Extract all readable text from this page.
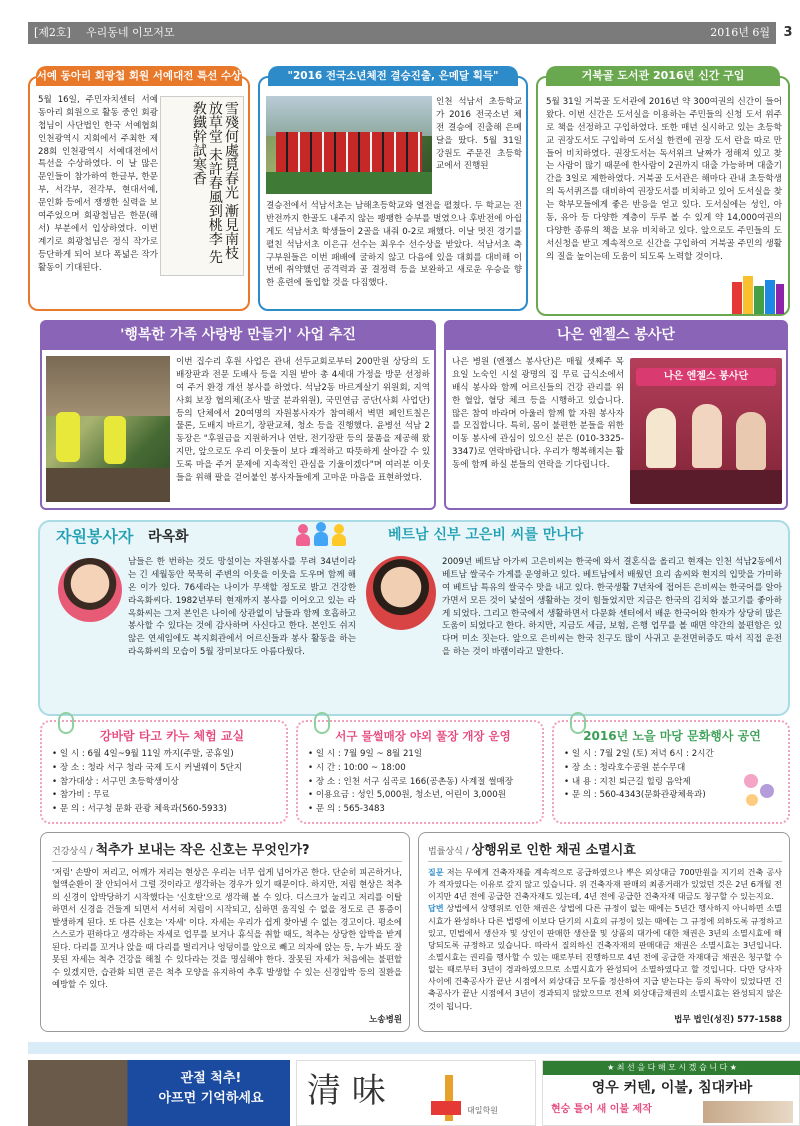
[제2호] 우리동네 이모저모	2016년 6월	3
서예 동아리 회광첩 회원 서예대전 특선 수상
5월 16일, 주민자치센터 서예 동아리 회원으로 활동 중인 회광첩님이 사단법인 한국 서예협회 인천광역시 지회에서 주최한 제28회 인천광역시 서예대전에서 특선을 수상하였다. 이 날 많은 문인들이 참가하여 한글부, 한문부, 서각부, 전각부, 현대서예, 문인화 등에서 쟁쟁한 실력을 보여주었으며 회광첩님은 한문(해서) 부분에서 입상하였다. 이번 계기로 회광첩님은 정식 작가로 등단하게 되어 보다 폭넓은 작가 활동이 기대된다.
雪殘何處覓春光 漸見南枝放草堂 未許春風到桃李 先敎鐵幹試寒香
"2016 전국소년체전 결승진출, 은메달 획득"
인천 석남서 초등학교가 2016 전국소년 체전 결승에 진출해 은메달을 땄다. 5월 31일 강원도 주문진 초등학교에서 진행된
결승전에서 석남서초는 남해초등학교와 열전을 펼쳤다. 두 학교는 전반전까지 한골도 내주지 않는 팽팽한 승부를 벌였으나 후반전에 아쉽게도 석남서초 학생들이 2골을 내줘 0-2로 패했다. 이날 멋진 경기를 펼친 석남서초 이은규 선수는 최우수 선수상을 받았다. 석남서초 축구부원들은 이번 패배에 굴하지 않고 다음에 있을 대회를 대비해 이번에 취약했던 공격력과 골 결정력 등을 보완하고 새로운 우승을 향한 훈련에 돌입할 것을 다짐했다.
거북골 도서관 2016년 신간 구입
5월 31일 거북골 도서관에 2016년 약 300여권의 신간이 들어왔다. 이번 신간은 도서실을 이용하는 주민들의 신청 도서 위주로 책을 선정하고 구입하였다. 또한 매년 실시하고 있는 초등학교 권장도서도 구입하여 도서실 한켠에 권장 도서 란을 따로 만들어 비치하였다. 권장도서는 독서위크 날짜가 정해져 있고 찾는 사람이 많기 때문에 한사람이 2권까지 대출 가능하며 대출기간을 3일로 제한하였다. 거북골 도서관은 해마다 관내 초등학생의 독서퀴즈를 대비하여 권장도서를 비치하고 있어 도서실을 찾는 학부모들에게 좋은 반응을 얻고 있다. 도서실에는 성인, 아동, 유아 등 다양한 계층이 두루 볼 수 있게 약 14,000여권의 다양한 종류의 책을 보유 비치하고 있다. 앞으로도 주민들의 도서신청을 받고 계속적으로 신간을 구입하여 거북골 주민의 생활의 질을 높이는데 도움이 되도록 노력할 것이다.
'행복한 가족 사랑방 만들기' 사업 추진
이번 집수리 후원 사업은 관내 선두교회로부터 200만원 상당의 도배장판과 전문 도배사 등을 지원 받아 총 4세대 가정을 방문 선정하여 주거 환경 개선 봉사를 하였다. 석남2동 바르게살기 위원회, 지역 사회 보장 협의체(조사 발굴 분과위원), 국민연금 공단(사회 사업단) 등의 단체에서 20여명의 자원봉사자가 참여해서 벽면 페인트칠은 물론, 도배지 바르기, 장판교체, 청소 등을 진행했다. 윤병선 석남 2동장은 "후원금을 지원하거나 연탄, 전기장판 등의 물품을 제공해 왔지만, 앞으로도 우리 이웃들이 보다 쾌적하고 따뜻하게 살아갈 수 있도록 마을 주거 문제에 지속적인 관심을 기울이겠다"며 여러분 이웃들을 위해 팔을 걷어붙인 봉사자들에게 고마운 마음을 표현하였다.
나은 엔젤스 봉사단
나은 병원 (엔젤스 봉사단)은 매월 셋째주 목요일 노숙인 시설 광명의 집 무료 급식소에서 배식 봉사와 함께 어르신들의 건강 관리를 위한 혈압, 혈당 체크 등을 시행하고 있습니다. 많은 참여 바라며 아울러 함께 할 자원 봉사자를 모집합니다. 특히, 몸이 불편한 분들을 위한 이동 봉사에 관심이 있으신 분은 (010-3325-3347)로 연락바랍니다. 우리가 행복해지는 활동에 함께 하실 분들의 연락을 기다립니다.
나은 엔젤스 봉사단
자원봉사자	라옥화	베트남 신부 고은비 씨를 만나다
남들은 한 번하는 것도 망설이는 자원봉사를 무려 34년이라는 긴 세월동안 묵묵히 주변의 이웃을 이웃을 도우며 함께 해온 이가 있다. 76세라는 나이가 무색할 정도로 밝고 건강한 라옥화씨다. 1982년부터 현재까지 봉사를 이어오고 있는 라옥화씨는 그저 본인은 나이에 상관없이 남들과 함께 호흡하고 봉사할 수 있다는 것에 감사하며 사신다고 한다. 본인도 쉬지 않은 연세임에도 복지회관에서 어르신들과 봉사 활동을 하는 라옥화씨의 모습이 5월 장미보다도 아름다웠다.
2009년 베트남 아가씨 고은비씨는 한국에 와서 결혼식을 올리고 현재는 인천 석남2동에서 베트남 쌀국수 가게를 운영하고 있다. 베트남에서 배웠던 요리 솜씨와 현지의 입맛을 가미하여 베트남 특유의 쌀국수 맛을 내고 있다. 한국생활 7년차에 접어든 은비씨는 한국어를 알아가면서 모든 것이 낯설어 생활하는 것이 힘들었지만 지금은 한국의 김치와 불고기를 좋아하게 되었다. 그리고 한국에서 생활하면서 다문화 센터에서 배운 한국어와 한자가 상당히 많은 도움이 되었다고 한다. 하지만, 지금도 세금, 보험, 은행 업무를 볼 때면 약간의 불편함은 있다며 미소 짓는다. 앞으로 은비씨는 한국 친구도 많이 사귀고 운전면허증도 따서 직접 운전을 하는 것이 바램이라고 말한다.
강바람 타고 카누 체험 교실
• 일 시 : 6월 4일~9월 11일 까지(주말, 공휴일)
• 장 소 : 청라 서구 청라 국제 도시 커낼웨이 5단지
• 참가대상 : 서구민 초등학생이상
• 참가비 : 무료
• 문 의 : 서구청 문화 관광 체육과(560-5933)
서구 물썰매장 야외 풀장 개장 운영
• 일 시 : 7월 9일 ~ 8월 21일
• 시 간 : 10:00 ~ 18:00
• 장 소 : 인천 서구 심곡로 166(공촌동) 사계절 썰매장
• 이용요금 : 성인 5,000원, 청소년, 어린이 3,000원
• 문 의 : 565-3483
2016년 노을 마당 문화행사 공연
• 일 시 : 7월 2일 (토) 저녁 6시 : 2시간
• 장 소 : 청라호수공원 분수무대
• 내 용 : 지친 퇴근길 힐링 음악제
• 문 의 : 560-4343(문화관광체육과)
건강상식 / 척추가 보내는 작은 신호는 무엇인가?
'저림' 손발이 저리고, 어깨가 저리는 현상은 우리는 너무 쉽게 넘어가곤 한다. 단순히 피곤하거나, 혈액순환이 잘 안되어서 그럴 것이라고 생각하는 경우가 있기 때문이다. 하지만, 저림 현상은 척추의 신경이 압박당하기 시작했다는 '신호탄'으로 생각해 볼 수 있다. 디스크가 눌리고 저리를 이탈하면서 신경을 건들게 되면서 서서히 저림이 시작되고, 심하면 움직일 수 없을 정도로 큰 통증이 발생하게 된다. 또 다른 신호는 '자세' 이다. 자세는 우리가 쉽게 찾아낼 수 없는 경고이다. 평소에 스스로가 편하다고 생각하는 자세로 업무를 보거나 휴식을 취할 때도, 척추는 상당한 압박을 받게 된다. 다리를 꼬거나 앉을 때 다리를 벌리거나 엉덩이를 앞으로 빼고 의자에 앉는 등, 누가 봐도 잘못된 자세는 척추 건강을 해칠 수 있다라는 것을 명심해야 한다. 잘못된 자세가 처음에는 불편할 수 있겠지만, 습관화 되면 곧은 척추 모양을 유지하여 추후 발생할 수 있는 신경압박 등의 질환을 예방할 수 있다.
노송병원
법률상식 / 상행위로 인한 채권 소멸시효
질문 저는 무에게 건축자재를 계속적으로 공급하였으나 뿌은 외상대금 700만원을 지기의 건축 공사가 적자였다는 이유로 갚지 않고 있습니다. 위 건축자재 판매의 최종거래가 있었던 것은 2년 6개월 전이지만 4년 전에 공급한 건축자재도 있는데, 4년 전에 공급한 건축자재 대금도 청구할 수 있는지요.
답변 상법에서 상행위로 인한 채권은 상법에 다른 규정이 없는 때에는 5년간 행사하지 아니하면 소멸시효가 완성하나 다른 법령에 이보다 단기의 시효의 규정이 있는 때에는 그 규정에 의하도록 규정하고 있고, 민법에서 생산자 및 상인이 판매한 생산물 및 상품의 대가에 대한 채권은 3년의 소멸시효에 해당되도록 규정하고 있습니다. 따라서 질의하신 건축자재의 판매대금 채권은 소멸시효는 3년입니다. 소멸시효는 권리를 행사할 수 있는 때로부터 진행하므로 4년 전에 공급한 자재대금 채권은 청구할 수 없는 때로부터 3년이 경과하였으므로 소멸시효가 완성되어 소멸하였다고 할 것입니다. 다만 당사자 사이에 건축공사가 끝난 시점에서 외상대금 모두를 정산하여 지급 받는다는 등의 특약이 있었다면 건축공사가 끝난 시점에서 3년이 경과되지 않았으므로 전체 외상대금채권의 소멸시효는 완성되지 않은 것이 됩니다.
법무 법인(성진) 577-1588
관절 척추!
아프면 기억하세요	清 味	대일학원
★ 최 선 을 다 해 모 시 겠 습 니 다 ★
영우 커텐, 이불, 침대카바
현숭 틀어 새 이불 제작
